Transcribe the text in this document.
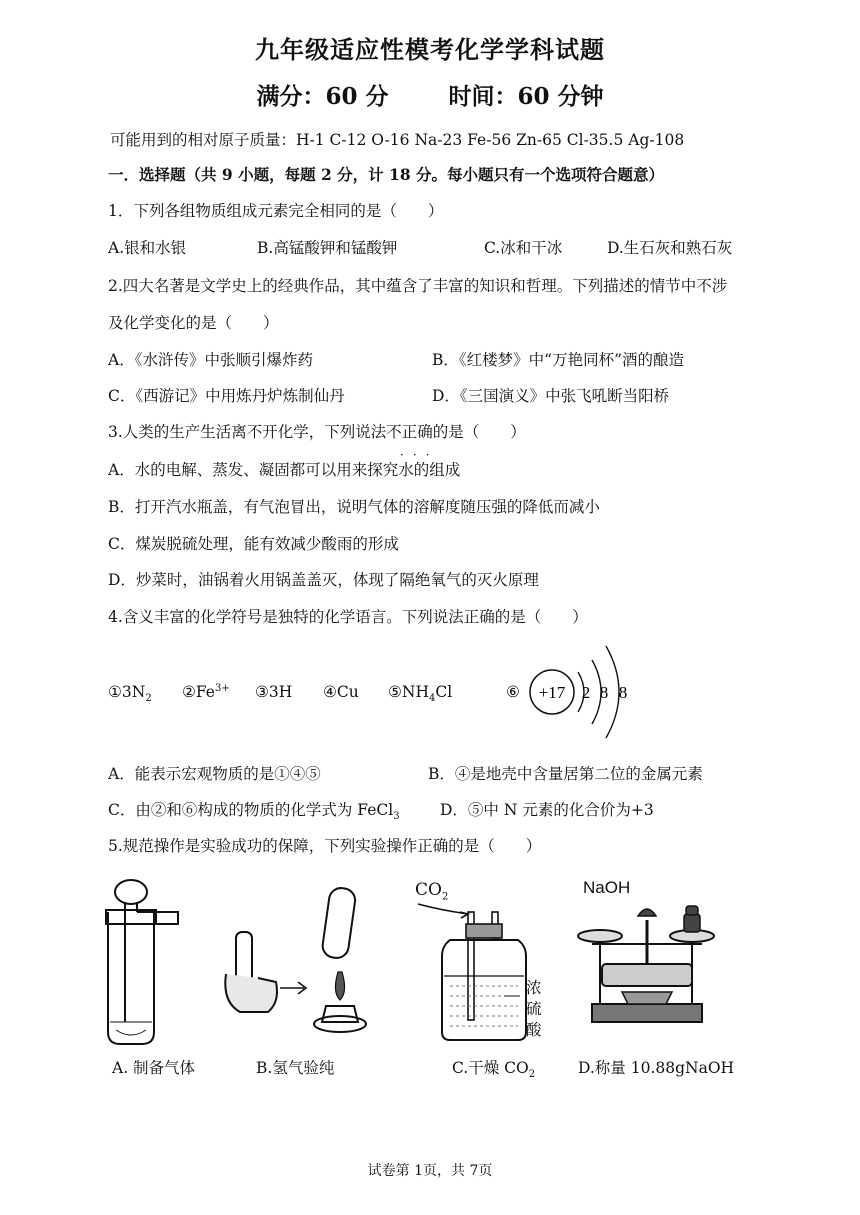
九年级适应性模考化学学科试题
满分：60 分	时间：60 分钟
可能用到的相对原子质量：H-1 C-12 O-16 Na-23 Fe-56 Zn-65 Cl-35.5 Ag-108
一．选择题（共 9 小题，每题 2 分，计 18 分。每小题只有一个选项符合题意）
1．下列各组物质组成元素完全相同的是（　　）
A.银和水银	B.高锰酸钾和锰酸钾	C.冰和干冰	D.生石灰和熟石灰
2.四大名著是文学史上的经典作品，其中蕴含了丰富的知识和哲理。下列描述的情节中不涉
及化学变化的是（　　）
A．《水浒传》中张顺引爆炸药	B．《红楼梦》中“万艳同杯”酒的酿造
C．《西游记》中用炼丹炉炼制仙丹	D．《三国演义》中张飞吼断当阳桥
3.人类的生产生活离不开化学，下列说法不正确的是（　　）
···
A．水的电解、蒸发、凝固都可以用来探究水的组成
B．打开汽水瓶盖，有气泡冒出，说明气体的溶解度随压强的降低而减小
C．煤炭脱硫处理，能有效减少酸雨的形成
D．炒菜时，油锅着火用锅盖盖灭，体现了隔绝氧气的灭火原理
4.含义丰富的化学符号是独特的化学语言。下列说法正确的是（　　）
$①3N_2$ $②Fe^{3+}$ ③3H ④Cu $⑤NH_4Cl$	⑥ +17 2 8 8
A．能表示宏观物质的是①④⑤	B．④是地壳中含量居第二位的金属元素
C．由②和⑥构成的物质的化学式为 FeCl$_3$	D．⑤中 N 元素的化合价为+3
5.规范操作是实验成功的保障，下列实验操作正确的是（　　）
$CO_2$
浓
硫
酸
NaOH
A. 制备气体	B.氢气验纯	C.干燥 $CO_2$	D.称量 10.88gNaOH
试卷第 1页，共 7页
